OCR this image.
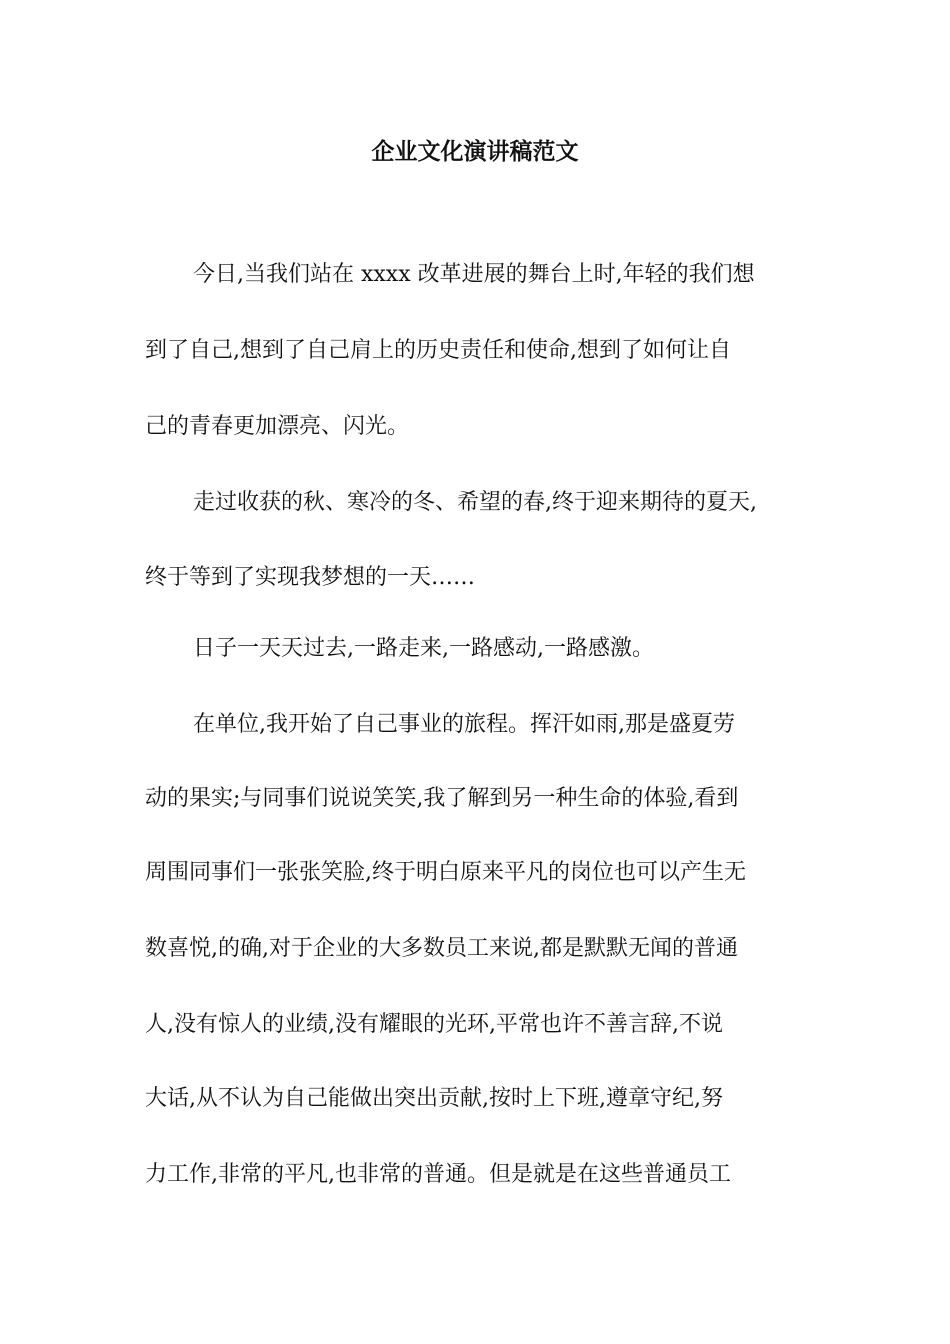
企业文化演讲稿范文
今日,当我们站在 xxxx 改革进展的舞台上时,年轻的我们想
到了自己,想到了自己肩上的历史责任和使命,想到了如何让自
己的青春更加漂亮、闪光。
走过收获的秋、寒冷的冬、希望的春,终于迎来期待的夏天,
终于等到了实现我梦想的一天……
日子一天天过去,一路走来,一路感动,一路感激。
在单位,我开始了自己事业的旅程。挥汗如雨,那是盛夏劳
动的果实;与同事们说说笑笑,我了解到另一种生命的体验,看到
周围同事们一张张笑脸,终于明白原来平凡的岗位也可以产生无
数喜悦,的确,对于企业的大多数员工来说,都是默默无闻的普通
人,没有惊人的业绩,没有耀眼的光环,平常也许不善言辞,不说
大话,从不认为自己能做出突出贡献,按时上下班,遵章守纪,努
力工作,非常的平凡,也非常的普通。但是就是在这些普通员工
